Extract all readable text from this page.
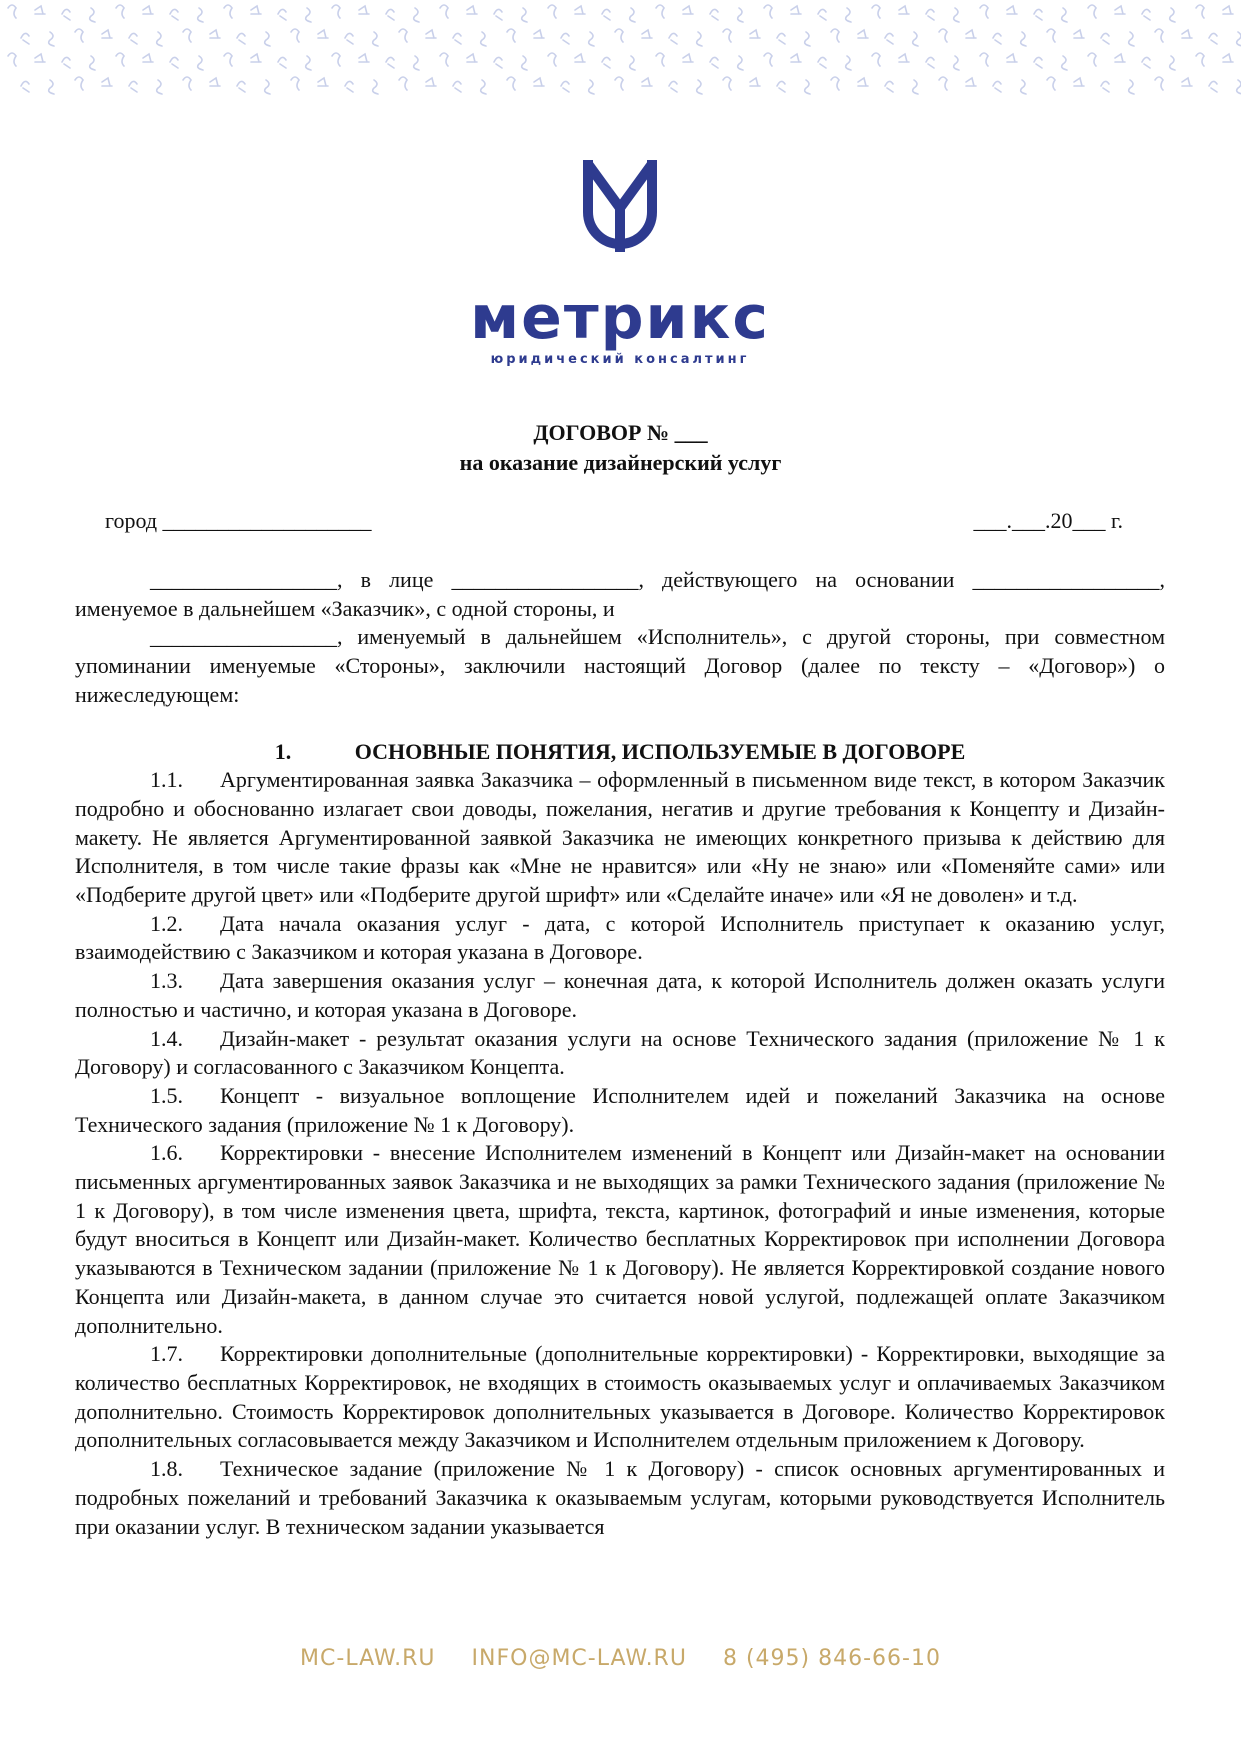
метрикс
юридический консалтинг
ДОГОВОР № ___
на оказание дизайнерский услуг
город ___________________	___.___.20___ г.

_________________, в лице _________________, действующего на основании _________________, именуемое в дальнейшем «Заказчик», с одной стороны, и

_________________, именуемый в дальнейшем «Исполнитель», с другой стороны, при совместном упоминании именуемые «Стороны», заключили настоящий Договор (далее по тексту – «Договор») о нижеследующем:

1.	ОСНОВНЫЕ ПОНЯТИЯ, ИСПОЛЬЗУЕМЫЕ В ДОГОВОРЕ

1.1. Аргументированная заявка Заказчика – оформленный в письменном виде текст, в котором Заказчик подробно и обоснованно излагает свои доводы, пожелания, негатив и другие требования к Концепту и Дизайн-макету. Не является Аргументированной заявкой Заказчика не имеющих конкретного призыва к действию для Исполнителя, в том числе такие фразы как «Мне не нравится» или «Ну не знаю» или «Поменяйте сами» или «Подберите другой цвет» или «Подберите другой шрифт» или «Сделайте иначе» или «Я не доволен» и т.д.

1.2. Дата начала оказания услуг - дата, с которой Исполнитель приступает к оказанию услуг, взаимодействию с Заказчиком и которая указана в Договоре.

1.3. Дата завершения оказания услуг – конечная дата, к которой Исполнитель должен оказать услуги полностью и частично, и которая указана в Договоре.

1.4. Дизайн-макет - результат оказания услуги на основе Технического задания (приложение № 1 к Договору) и согласованного с Заказчиком Концепта.

1.5. Концепт - визуальное воплощение Исполнителем идей и пожеланий Заказчика на основе Технического задания (приложение № 1 к Договору).

1.6. Корректировки - внесение Исполнителем изменений в Концепт или Дизайн-макет на основании письменных аргументированных заявок Заказчика и не выходящих за рамки Технического задания (приложение № 1 к Договору), в том числе изменения цвета, шрифта, текста, картинок, фотографий и иные изменения, которые будут вноситься в Концепт или Дизайн-макет. Количество бесплатных Корректировок при исполнении Договора указываются в Техническом задании (приложение № 1 к Договору). Не является Корректировкой создание нового Концепта или Дизайн-макета, в данном случае это считается новой услугой, подлежащей оплате Заказчиком дополнительно.

1.7. Корректировки дополнительные (дополнительные корректировки) - Корректировки, выходящие за количество бесплатных Корректировок, не входящих в стоимость оказываемых услуг и оплачиваемых Заказчиком дополнительно. Стоимость Корректировок дополнительных указывается в Договоре. Количество Корректировок дополнительных согласовывается между Заказчиком и Исполнителем отдельным приложением к Договору.

1.8. Техническое задание (приложение № 1 к Договору) - список основных аргументированных и подробных пожеланий и требований Заказчика к оказываемым услугам, которыми руководствуется Исполнитель при оказании услуг. В техническом задании указывается

MC-LAW.RU INFO@MC-LAW.RU 8 (495) 846-66-10
